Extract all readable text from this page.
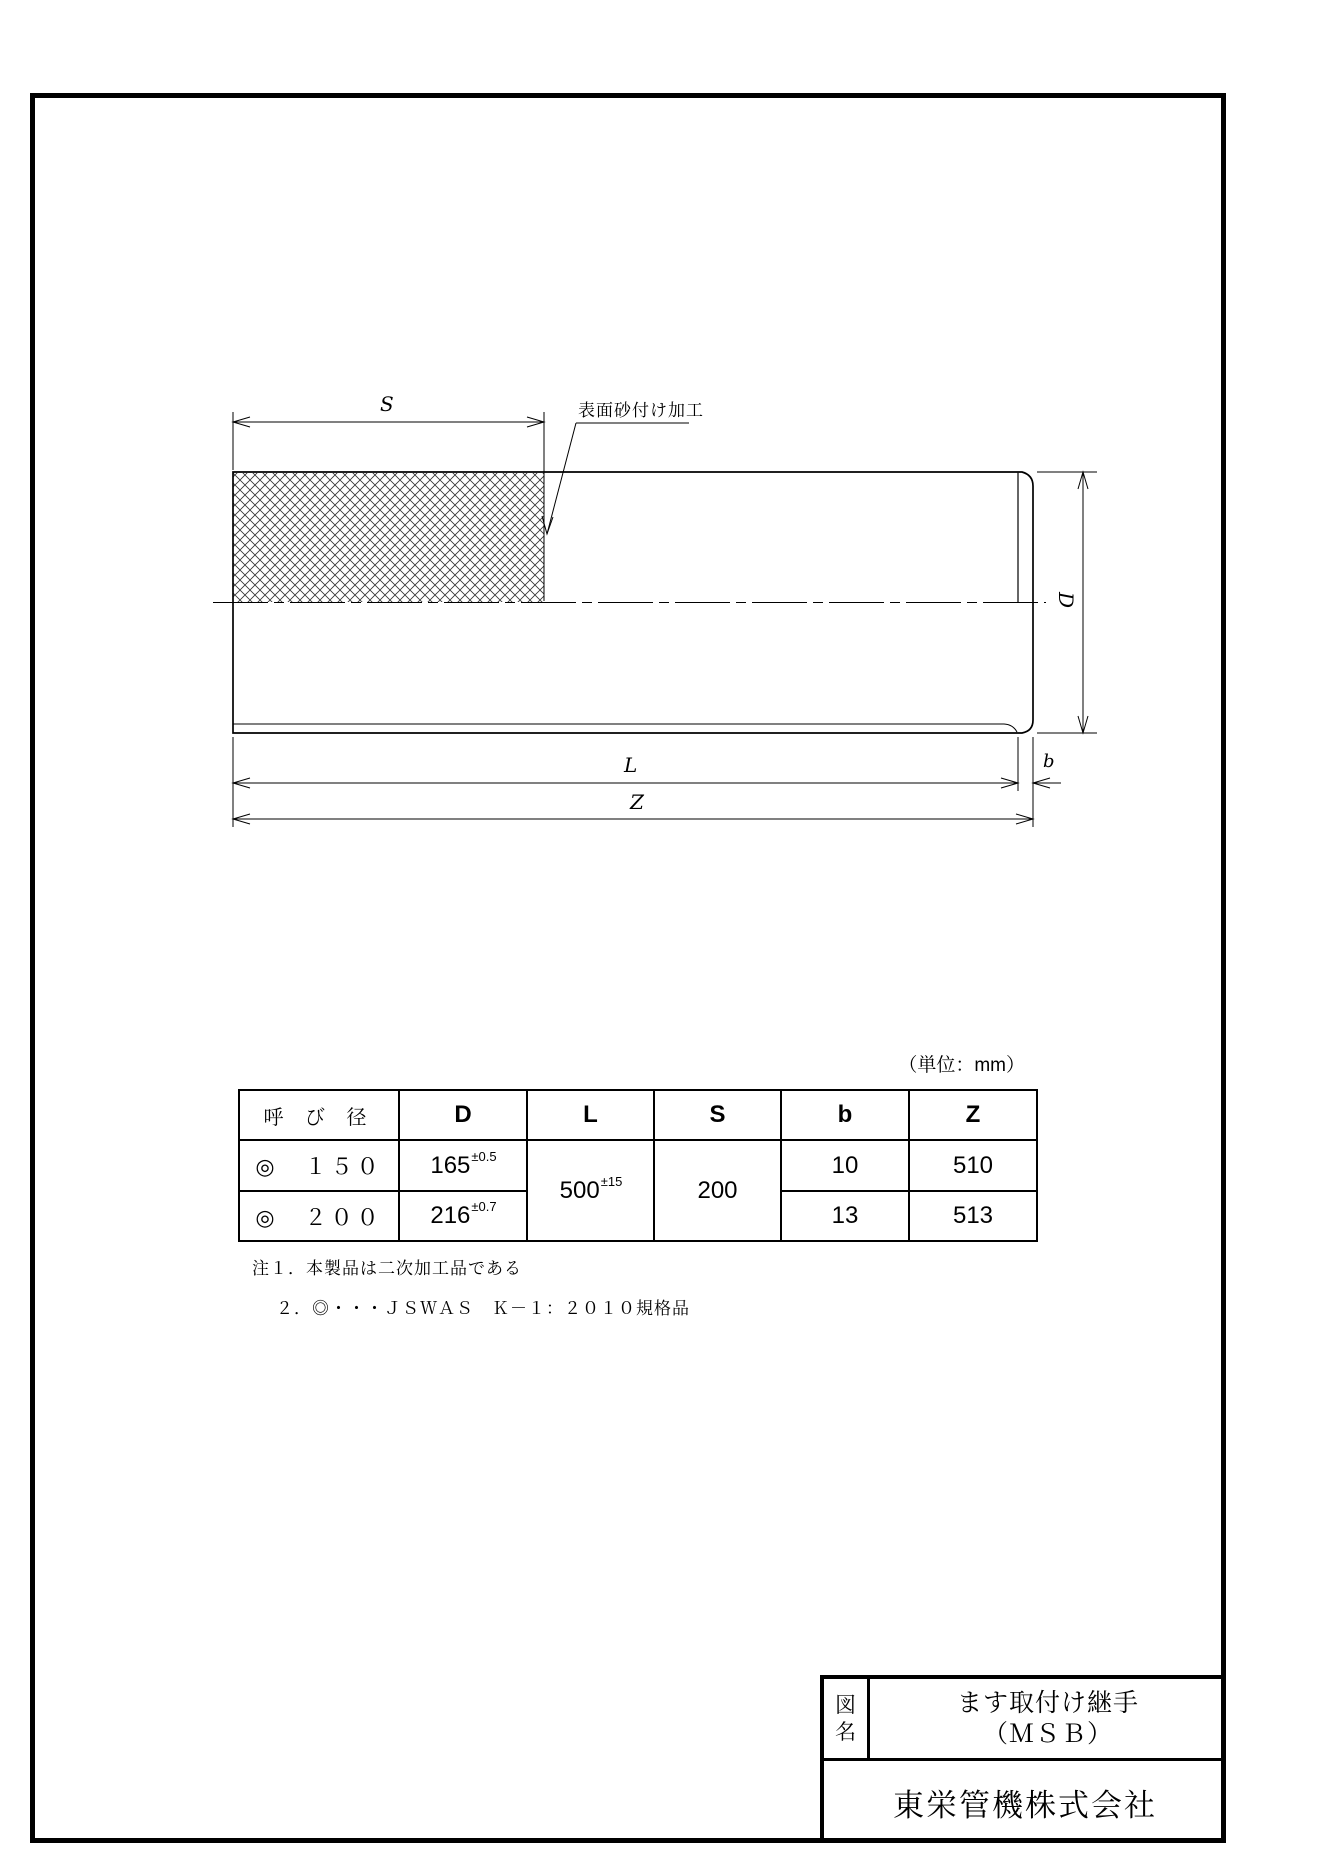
S
L
Z
b
D
表面砂付け加工
（単位：mm）
呼 び 径	D	L	S	b	Z
◎　１５０	$165^{\pm 0.5}$	$500^{\pm 15}$	200	10	510
◎　２００	$216^{\pm 0.7}$			13	513
注１．本製品は二次加工品である
２．◎・・・ＪＳＷＡＳ　Ｋ－１：２０１０規格品
図名
ます取付け継手
（ＭＳＢ）
東栄管機株式会社
